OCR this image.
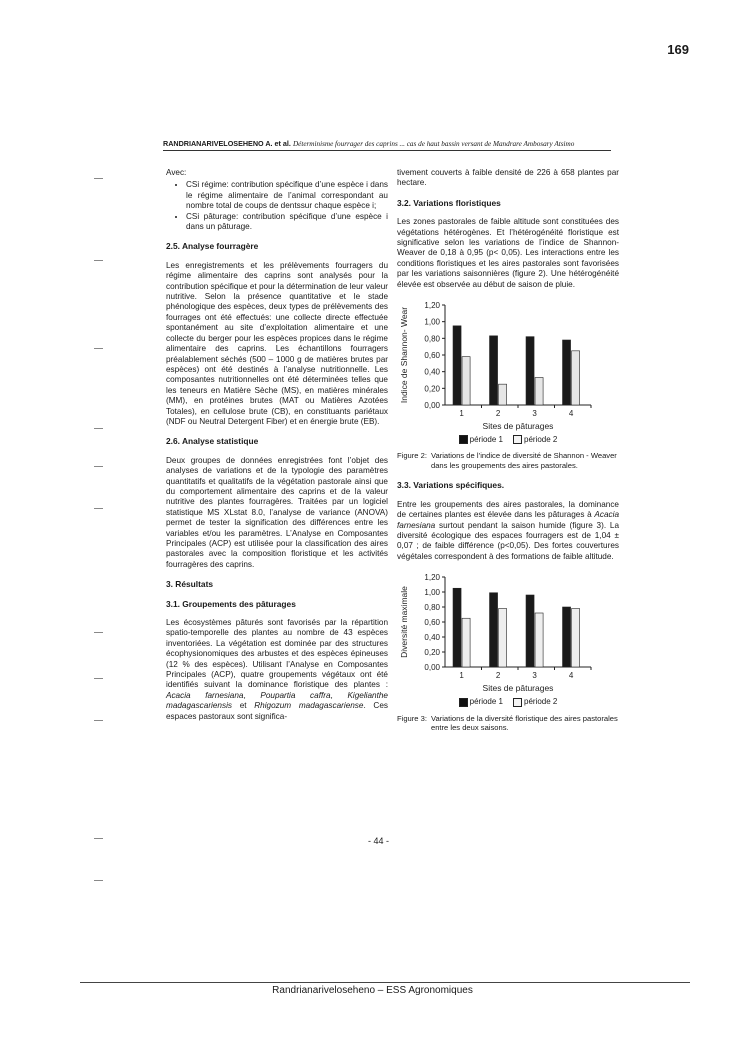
169
RANDRIANARIVELOSEHENO A. et al. Déterminisme fourrager des caprins ... cas de haut bassin versant de Mandrare Ambosary Atsimo

Avec:

• CSi régime: contribution spécifique d’une espèce i dans le régime alimentaire de l’animal correspondant au nombre total de coups de dentssur chaque espèce i;
• CSi pâturage: contribution spécifique d’une espèce i dans un pâturage.
2.5. Analyse fourragère

Les enregistrements et les prélèvements fourragers du régime alimentaire des caprins sont analysés pour la contribution spécifique et pour la détermination de leur valeur nutritive. Selon la présence quantitative et le stade phénologique des espèces, deux types de prélèvements des fourrages ont été effectués: une collecte directe effectuée spontanément au site d’exploitation alimentaire et une collecte du berger pour les espèces propices dans le régime alimentaire des caprins. Les échantillons fourragers préalablement séchés (500 – 1000 g de matières brutes par espèces) ont été destinés à l’analyse nutritionnelle. Les composantes nutritionnelles ont été déterminées telles que les teneurs en Matière Sèche (MS), en matières minérales (MM), en protéines brutes (MAT ou Matières Azotées Totales), en cellulose brute (CB), en constituants pariétaux (NDF ou Neutral Detergent Fiber) et en énergie brute (EB).

2.6. Analyse statistique

Deux groupes de données enregistrées font l’objet des analyses de variations et de la typologie des paramètres quantitatifs et qualitatifs de la végétation pastorale ainsi que du comportement alimentaire des caprins et de la valeur nutritive des plantes fourragères. Traitées par un logiciel statistique MS XLstat 8.0, l’analyse de variance (ANOVA) permet de tester la signification des différences entre les variables et/ou les paramètres. L’Analyse en Composantes Principales (ACP) est utilisée pour la classification des aires pastorales avec la composition floristique et les activités fourragères des caprins.

3. Résultats
3.1. Groupements des pâturages

Les écosystèmes pâturés sont favorisés par la répartition spatio-temporelle des plantes au nombre de 43 espèces inventoriées. La végétation est dominée par des structures écophysionomiques des arbustes et des espèces épineuses (12 % des espèces). Utilisant l’Analyse en Composantes Principales (ACP), quatre groupements végétaux ont été identifiés suivant la dominance floristique des plantes : Acacia farnesiana, Poupartia caffra, Kigelianthe madagascariensis et Rhigozum madagascariense. Ces espaces pastoraux sont significa-

tivement couverts à faible densité de 226 à 658 plantes par hectare.

3.2. Variations floristiques

Les zones pastorales de faible altitude sont constituées des végétations hétérogènes. Et l’hétérogénéité floristique est significative selon les variations de l’indice de Shannon-Weaver de 0,18 à 0,95 (p< 0,05). Les interactions entre les conditions floristiques et les aires pastorales sont favorisées par les variations saisonnières (figure 2). Une hétérogénéité élevée est observée au début de saison de pluie.

0,00
0,20
0,40
0,60
0,80
1,00
1,20
Indice de Shannon- Wear
1	2	3	4
Sites de pâturages
période 1	période 2
Figure 2: Variations de l’indice de diversité de Shannon - Weaver dans les groupements des aires pastorales.
3.3. Variations spécifiques.

Entre les groupements des aires pastorales, la dominance de certaines plantes est élevée dans les pâturages à Acacia farnesiana surtout pendant la saison humide (figure 3). La diversité écologique des espaces fourragers est de 1,04 ± 0,07 ; de faible différence (p<0,05). Des fortes couvertures végétales correspondent à des formations de faible altitude.

0,00
0,20
0,40
0,60
0,80
1,00
1,20
Diversité maximale
1	2	3	4
Sites de pâturages
période 1	période 2
Figure 3: Variations de la diversité floristique des aires pastorales entre les deux saisons.
- 44 -
Randrianariveloseheno – ESS Agronomiques
